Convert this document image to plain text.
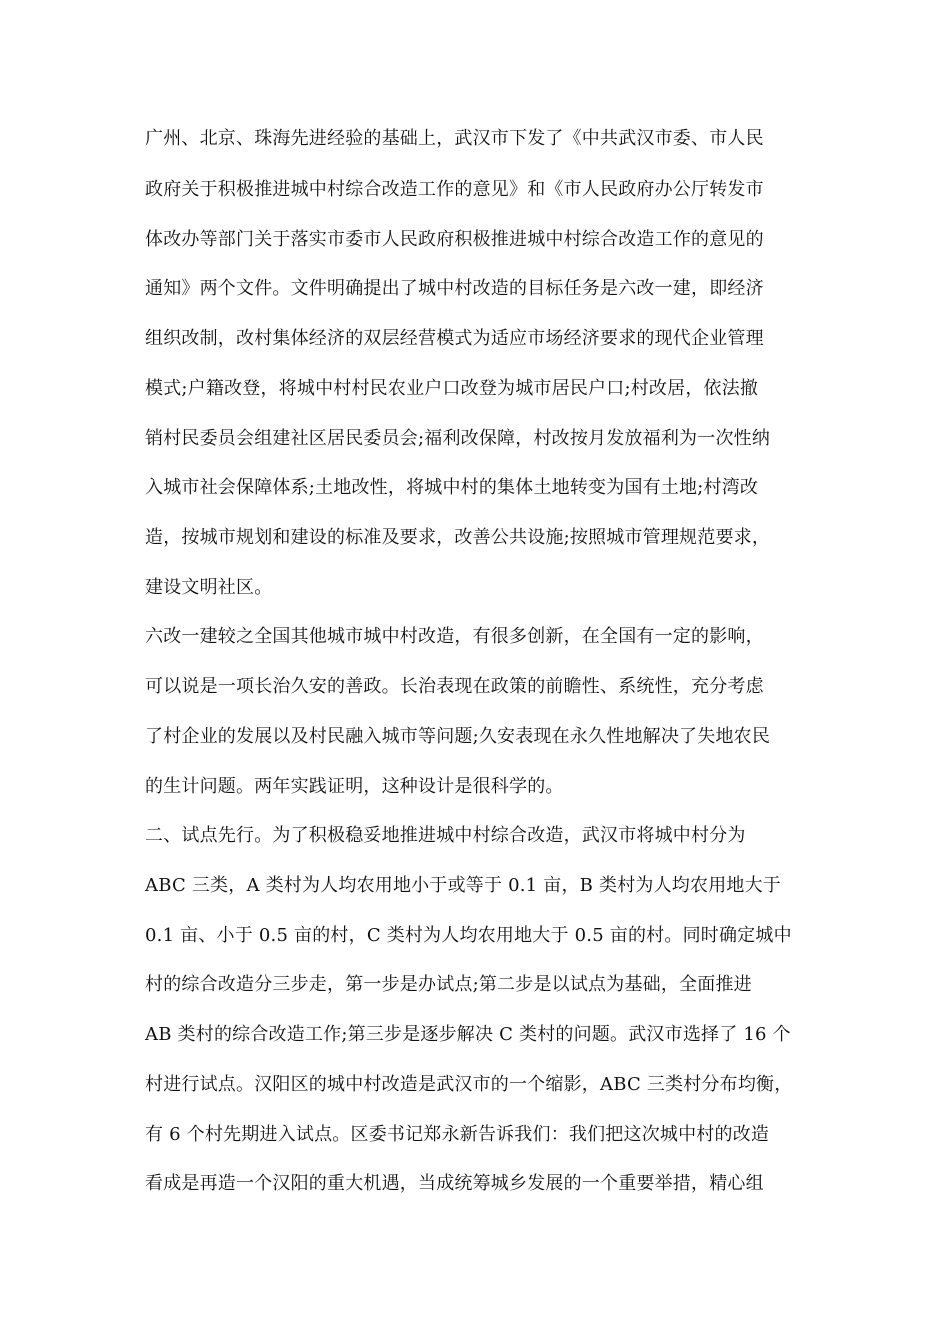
广州、北京、珠海先进经验的基础上，武汉市下发了《中共武汉市委、市人民
政府关于积极推进城中村综合改造工作的意见》和《市人民政府办公厅转发市
体改办等部门关于落实市委市人民政府积极推进城中村综合改造工作的意见的
通知》两个文件。文件明确提出了城中村改造的目标任务是六改一建，即经济
组织改制，改村集体经济的双层经营模式为适应市场经济要求的现代企业管理
模式;户籍改登，将城中村村民农业户口改登为城市居民户口;村改居，依法撤
销村民委员会组建社区居民委员会;福利改保障，村改按月发放福利为一次性纳
入城市社会保障体系;土地改性，将城中村的集体土地转变为国有土地;村湾改
造，按城市规划和建设的标准及要求，改善公共设施;按照城市管理规范要求，
建设文明社区。
六改一建较之全国其他城市城中村改造，有很多创新，在全国有一定的影响，
可以说是一项长治久安的善政。长治表现在政策的前瞻性、系统性，充分考虑
了村企业的发展以及村民融入城市等问题;久安表现在永久性地解决了失地农民
的生计问题。两年实践证明，这种设计是很科学的。
二、试点先行。为了积极稳妥地推进城中村综合改造，武汉市将城中村分为
ABC 三类，A 类村为人均农用地小于或等于 0.1 亩，B 类村为人均农用地大于
0.1 亩、小于 0.5 亩的村，C 类村为人均农用地大于 0.5 亩的村。同时确定城中
村的综合改造分三步走，第一步是办试点;第二步是以试点为基础，全面推进
AB 类村的综合改造工作;第三步是逐步解决 C 类村的问题。武汉市选择了 16 个
村进行试点。汉阳区的城中村改造是武汉市的一个缩影，ABC 三类村分布均衡，
有 6 个村先期进入试点。区委书记郑永新告诉我们：我们把这次城中村的改造
看成是再造一个汉阳的重大机遇，当成统筹城乡发展的一个重要举措，精心组
